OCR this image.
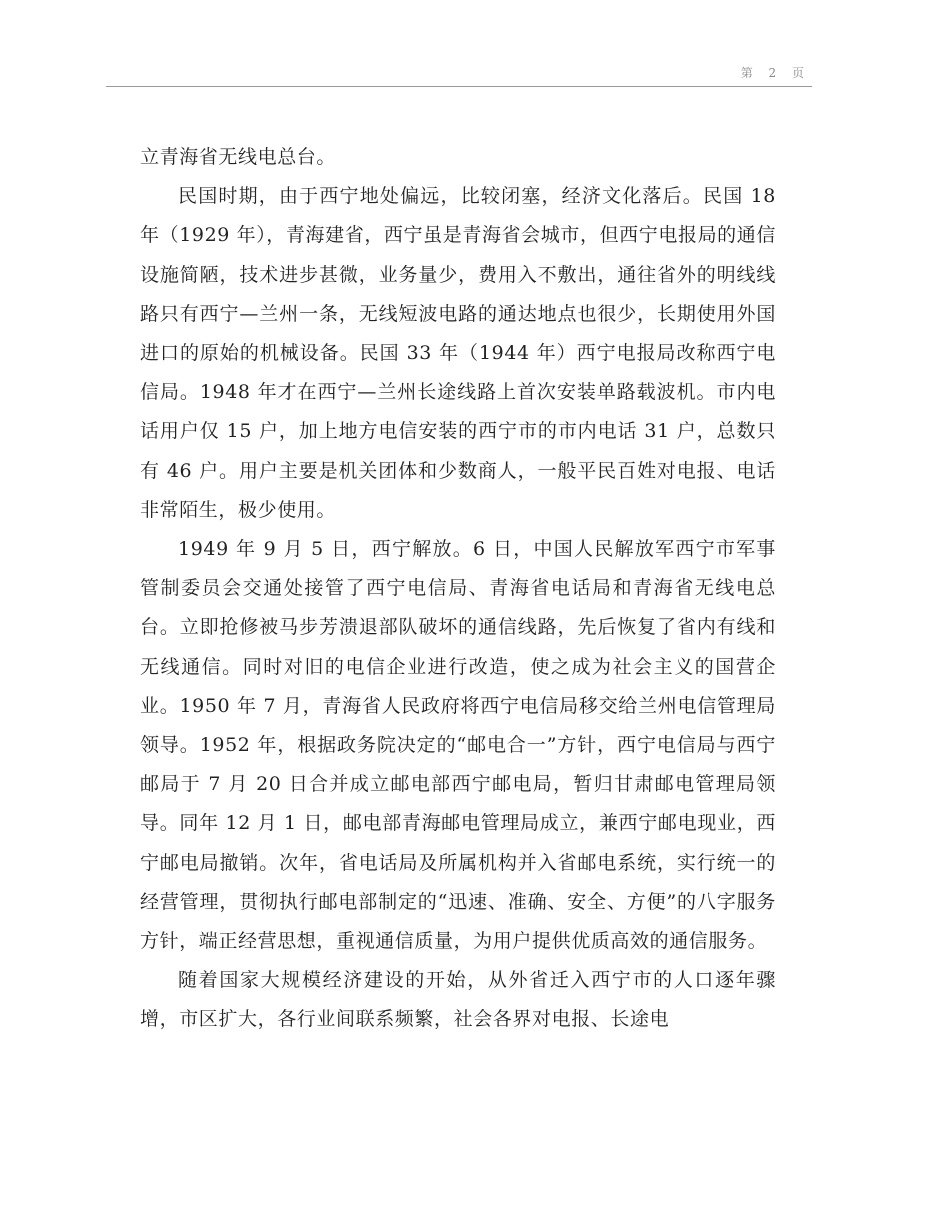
第 2 页

立青海省无线电总台。

民国时期，由于西宁地处偏远，比较闭塞，经济文化落后。民国 18 年（1929 年），青海建省，西宁虽是青海省会城市，但西宁电报局的通信设施简陋，技术进步甚微，业务量少，费用入不敷出，通往省外的明线线路只有西宁—兰州一条，无线短波电路的通达地点也很少，长期使用外国进口的原始的机械设备。民国 33 年（1944 年）西宁电报局改称西宁电信局。1948 年才在西宁—兰州长途线路上首次安装单路载波机。市内电话用户仅 15 户，加上地方电信安装的西宁市的市内电话 31 户，总数只有 46 户。用户主要是机关团体和少数商人，一般平民百姓对电报、电话非常陌生，极少使用。

1949 年 9 月 5 日，西宁解放。6 日，中国人民解放军西宁市军事管制委员会交通处接管了西宁电信局、青海省电话局和青海省无线电总台。立即抢修被马步芳溃退部队破坏的通信线路，先后恢复了省内有线和无线通信。同时对旧的电信企业进行改造，使之成为社会主义的国营企业。1950 年 7 月，青海省人民政府将西宁电信局移交给兰州电信管理局领导。1952 年，根据政务院决定的“邮电合一”方针，西宁电信局与西宁邮局于 7 月 20 日合并成立邮电部西宁邮电局，暂归甘肃邮电管理局领导。同年 12 月 1 日，邮电部青海邮电管理局成立，兼西宁邮电现业，西宁邮电局撤销。次年，省电话局及所属机构并入省邮电系统，实行统一的经营管理，贯彻执行邮电部制定的“迅速、准确、安全、方便”的八字服务方针，端正经营思想，重视通信质量，为用户提供优质高效的通信服务。

随着国家大规模经济建设的开始，从外省迁入西宁市的人口逐年骤增，市区扩大，各行业间联系频繁，社会各界对电报、长途电
